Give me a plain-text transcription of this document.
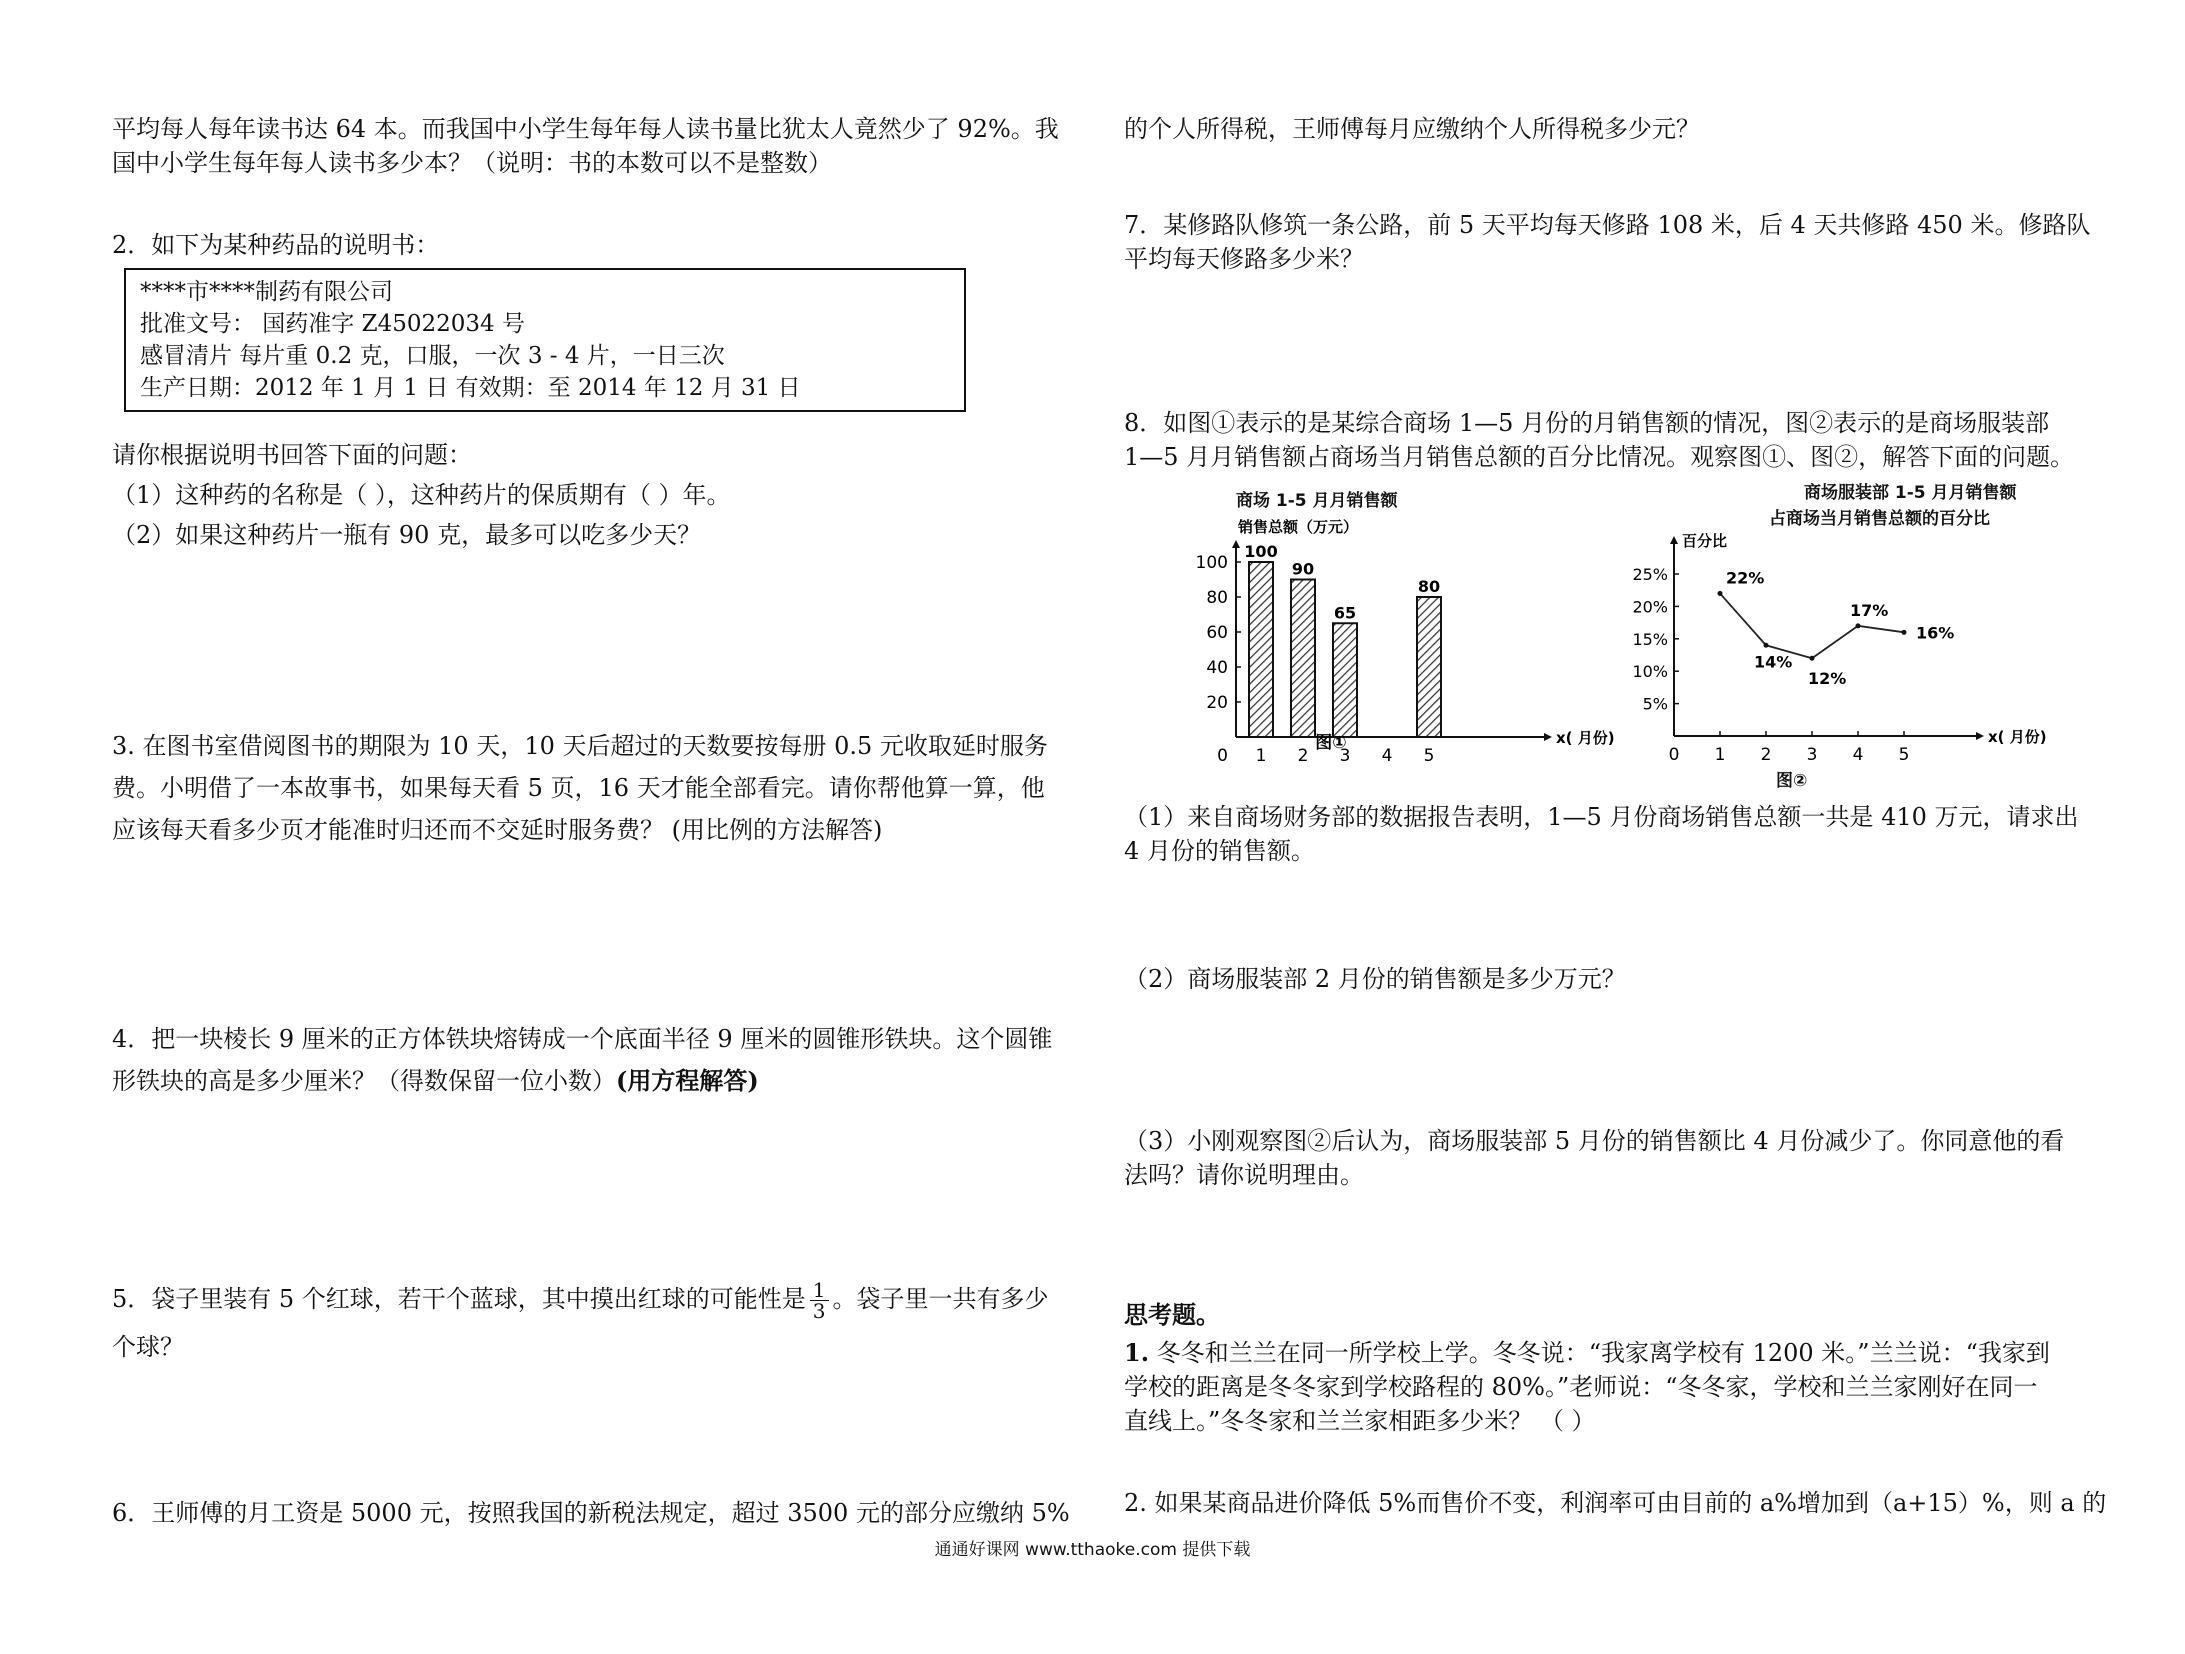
平均每人每年读书达 64 本。而我国中小学生每年每人读书量比犹太人竟然少了 92%。我
国中小学生每年每人读书多少本？（说明：书的本数可以不是整数）
2．如下为某种药品的说明书：
****市****制药有限公司
批准文号： 国药准字 Z45022034 号
感冒清片 每片重 0.2 克，口服，一次 3 - 4 片，一日三次
生产日期：2012 年 1 月 1 日 有效期：至 2014 年 12 月 31 日
请你根据说明书回答下面的问题：
（1）这种药的名称是（ ），这种药片的保质期有（ ）年。
（2）如果这种药片一瓶有 90 克，最多可以吃多少天？
3. 在图书室借阅图书的期限为 10 天，10 天后超过的天数要按每册 0.5 元收取延时服务
费。小明借了一本故事书，如果每天看 5 页，16 天才能全部看完。请你帮他算一算，他
应该每天看多少页才能准时归还而不交延时服务费？ (用比例的方法解答)
4．把一块棱长 9 厘米的正方体铁块熔铸成一个底面半径 9 厘米的圆锥形铁块。这个圆锥
形铁块的高是多少厘米？（得数保留一位小数）(用方程解答)
5．袋子里装有 5 个红球，若干个蓝球，其中摸出红球的可能性是 $\frac{1}{3}$ 。袋子里一共有多少
个球？
6．王师傅的月工资是 5000 元，按照我国的新税法规定，超过 3500 元的部分应缴纳 5%
的个人所得税，王师傅每月应缴纳个人所得税多少元？
7．某修路队修筑一条公路，前 5 天平均每天修路 108 米，后 4 天共修路 450 米。修路队
平均每天修路多少米？
8．如图①表示的是某综合商场 1—5 月份的月销售额的情况，图②表示的是商场服装部
1—5 月月销售额占商场当月销售总额的百分比情况。观察图①、图②，解答下面的问题。
商场 1-5 月月销售额
销售总额（万元）
20
40
60
80
100
0 1
100
2
90
3
65
4 5
80
x( 月份)
图①
商场服装部 1-5 月月销售额
占商场当月销售总额的百分比
百分比
5%
10%
15%
20%
25%
0 1 2 3 4 5
22%
14%
12%
17%
16%
x( 月份)
（1）来自商场财务部的数据报告表明，1—5 月份商场销售总额一共是 410 万元，请求出
4 月份的销售额。
（2）商场服装部 2 月份的销售额是多少万元？
（3）小刚观察图②后认为，商场服装部 5 月份的销售额比 4 月份减少了。你同意他的看
法吗？请你说明理由。
思考题。
1. 冬冬和兰兰在同一所学校上学。冬冬说：“我家离学校有 1200 米。”兰兰说：“我家到
学校的距离是冬冬家到学校路程的 80%。”老师说：“冬冬家，学校和兰兰家刚好在同一
直线上。”冬冬家和兰兰家相距多少米？ （ ）
2. 如果某商品进价降低 5%而售价不变，利润率可由目前的 a%增加到（a+15）%，则 a 的
图②
通通好课网 www.tthaoke.com 提供下载
